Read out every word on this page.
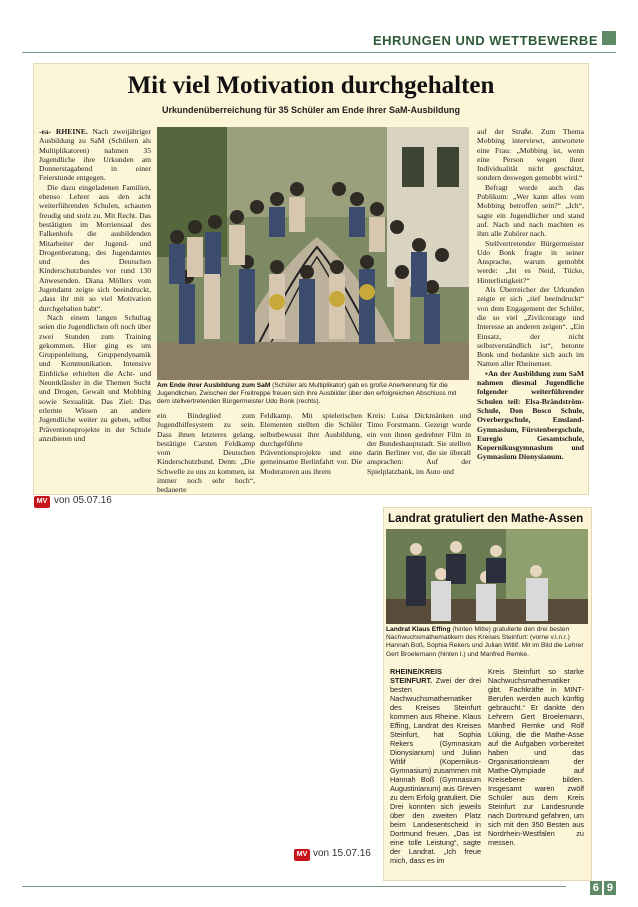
EHRUNGEN UND WETTBEWERBE
Mit viel Motivation durchgehalten
Urkundenüberreichung für 35 Schüler am Ende ihrer SaM-Ausbildung

-ea- RHEINE. Nach zweijähriger Ausbildung zu SaM (Schülern als Multiplikatoren) nahmen 35 Jugendliche ihre Urkunden am Donnerstagabend in einer Feierstunde entgegen.

Die dazu eingeladenen Familien, ebenso Lehrer aus den acht weiterführenden Schulen, schauten freudig und stolz zu. Mit Recht. Das bestätigten im Morriensaal des Falkenhofs die ausbildenden Mitarbeiter der Jugend- und Drogenberatung, des Jugendamtes und des Deutschen Kinderschutzbundes vor rund 130 Anwesenden. Diana Möllers vom Jugendamt zeigte sich beeindruckt, „dass ihr mit so viel Motivation durchgehalten habt“.

Nach einem langen Schultag seien die Jugendlichen oft noch über zwei Stunden zum Training gekommen. Hier ging es um Gruppenleitung, Gruppendynamik und Kommunikation. Intensive Einblicke erhielten die Acht- und Neuntklässler in die Themen Sucht und Drogen, Gewalt und Mobbing sowie Sexualität. Das Ziel: Das erlernte Wissen an andere Jugendliche weiter zu geben, selbst Präventionsprojekte in der Schule anzubieten und

Am Ende ihrer Ausbildung zum SaM (Schüler als Multiplikator) gab es große Anerkennung für die Jugendlichen. Zwischen der Freitreppe freuen sich ihre Ausbilder über den erfolgreichen Abschluss mit dem stellvertretenden Bürgermeister Udo Bonk (rechts).

ein Bindeglied zum Jugendhilfesystem zu sein. Dass ihnen letzteres gelang, bestätigte Carsten Feldkamp vom Deutschen Kinderschutzbund. Denn: „Die Schwelle zu uns zu kommen, ist immer noch sehr hoch“, bedauerte

Feldkamp. Mit spielerischen Elementen stellten die Schüler selbstbewusst ihre Ausbildung, durchgeführte Präventionsprojekte und eine gemeinsame Berlinfahrt vor. Die Moderatoren aus ihrem

Kreis: Luisa Dickmänken und Timo Forstmann. Gezeigt wurde ein von ihnen gedrehter Film in der Bundeshauptstadt. Sie stellten darin Berliner vor, die sie überall ansprachen: Auf der Spielplatzbank, im Auto und

auf der Straße. Zum Thema Mobbing interviewt, antwortete eine Frau: „Mobbing ist, wenn eine Person wegen ihrer Individualität nicht geschätzt, sondern deswegen gemobbt wird.“

Befragt wurde auch das Publikum: „Wer kann alles vom Mobbing betroffen sein?“ „Ich“, sagte ein Jugendlicher und stand auf. Nach und nach machten es ihm alle Zuhörer nach.

Stellvertretender Bürgermeister Udo Bonk fragte in seiner Ansprache, warum gemobbt werde: „Ist es Neid, Tücke, Hinterlistigkeit?“

Als Überreicher der Urkunden zeigte er sich „tief beeindruckt“ von dem Engagement der Schüler, die so viel „Zivilcourage und Interesse an anderen zeigen“. „Ein Einsatz, der nicht selbstverständlich ist“, betonte Bonk und bedankte sich auch im Namen aller Rheinenser.

▪An der Ausbildung zum SaM nahmen diesmal Jugendliche folgender weiterführender Schulen teil: Elsa-Brändström-Schule, Don Bosco Schule, Overbergschule, Emsland-Gymnasium, Fürstenbergschule, Euregio Gesamtschule, Kopernikusgymnasium und Gymnasium Dionysianum.

MV von 05.07.16
Landrat gratuliert den Mathe-Assen
Landrat Klaus Effing (hinten Mitte) gratulierte den drei besten Nachwuchsmathematikern des Kreises Steinfurt: (vorne v.l.n.r.) Hannah Boß, Sophia Rekers und Julian Witlif. Mit im Bild die Lehrer Gert Broelemann (hinten l.) und Manfred Remke.

RHEINE/KREIS STEINFURT. Zwei der drei besten Nachwuchsmathematiker des Kreises Steinfurt kommen aus Rheine. Klaus Effing, Landrat des Kreises Steinfurt, hat Sophia Rekers (Gymnasium Dionysianum) und Julian Witlif (Kopernikus-Gymnasium) zusammen mit Hannah Boß (Gymnasium Augustinianum) aus Greven zu dem Erfolg gratuliert. Die Drei konnten sich jeweils über den zweiten Platz beim Landesentscheid in Dortmund freuen. „Das ist eine tolle Leistung“, sagte der Landrat. „Ich freue mich, dass es im

Kreis Steinfurt so starke Nachwuchsmathematiker gibt. Fachkräfte in MINT-Berufen werden auch künftig gebraucht.“ Er dankte den Lehrern Gert Broelemann, Manfred Remke und Rolf Lüking, die die Mathe-Asse auf die Aufgaben vorbereitet haben und das Organisationsteam der Mathe-Olympiade auf Kreisebene bilden. Insgesamt waren zwölf Schüler aus dem Kreis Steinfurt zur Landesrunde nach Dortmund gefahren, um sich mit den 350 Besten aus Nordrhein-Westfalen zu messen.

MV von 15.07.16
6 9
